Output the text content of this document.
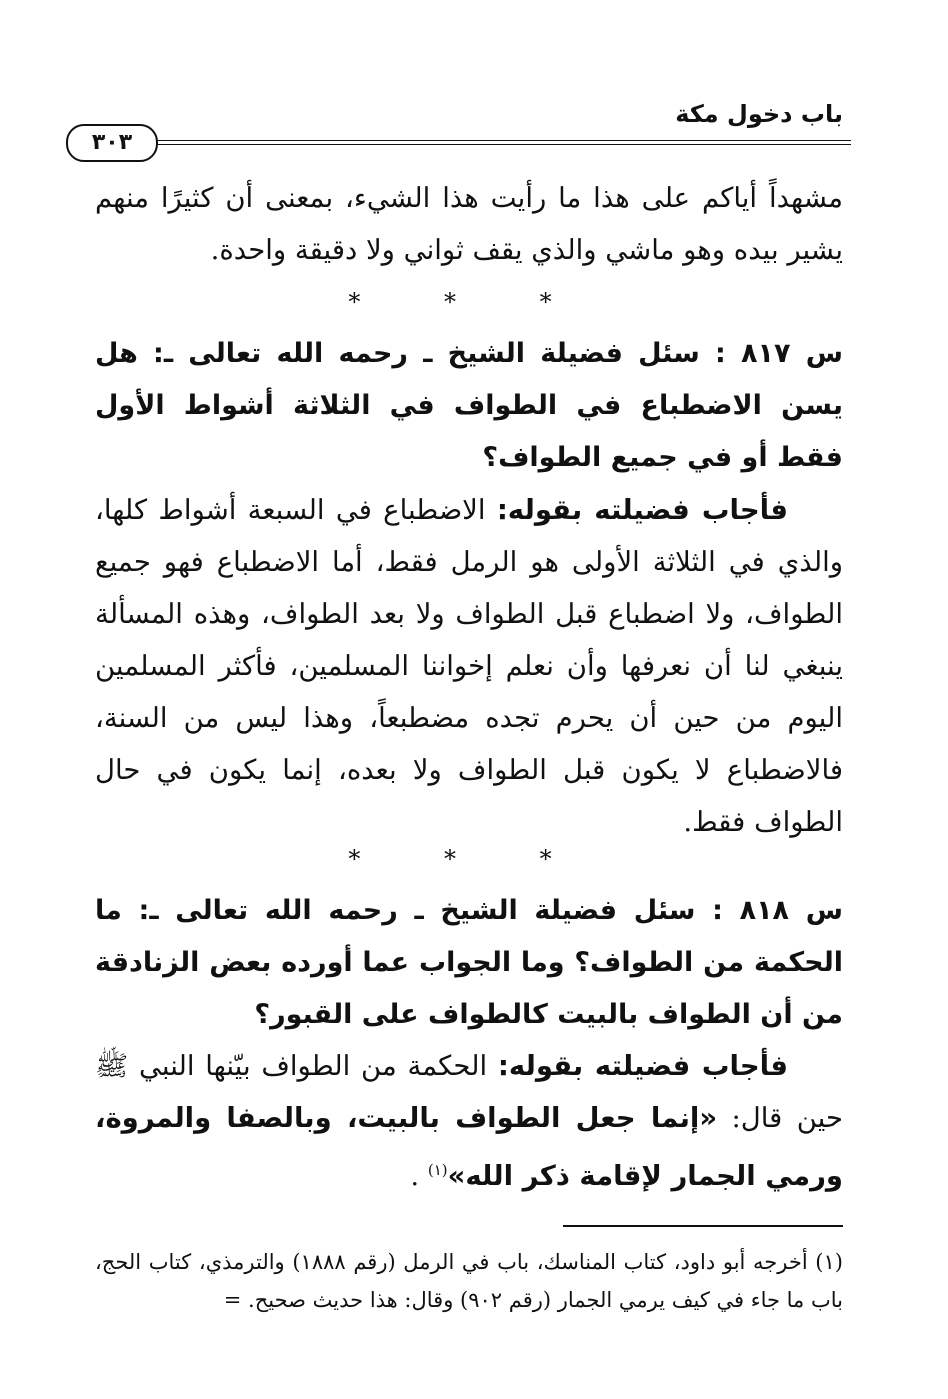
باب دخول مكة
٣٠٣

مشهداً أياكم على هذا ما رأيت هذا الشيء، بمعنى أن كثيرًا منهم يشير بيده وهو ماشي والذي يقف ثواني ولا دقيقة واحدة.

* * *

س ٨١٧ : سئل فضيلة الشيخ ـ رحمه الله تعالى ـ: هل يسن الاضطباع في الطواف في الثلاثة أشواط الأول فقط أو في جميع الطواف؟

فأجاب فضيلته بقوله: الاضطباع في السبعة أشواط كلها، والذي في الثلاثة الأولى هو الرمل فقط، أما الاضطباع فهو جميع الطواف، ولا اضطباع قبل الطواف ولا بعد الطواف، وهذه المسألة ينبغي لنا أن نعرفها وأن نعلم إخواننا المسلمين، فأكثر المسلمين اليوم من حين أن يحرم تجده مضطبعاً، وهذا ليس من السنة، فالاضطباع لا يكون قبل الطواف ولا بعده، إنما يكون في حال الطواف فقط.

* * *

س ٨١٨ : سئل فضيلة الشيخ ـ رحمه الله تعالى ـ: ما الحكمة من الطواف؟ وما الجواب عما أورده بعض الزنادقة من أن الطواف بالبيت كالطواف على القبور؟

فأجاب فضيلته بقوله: الحكمة من الطواف بيّنها النبي ﷺ حين قال: «إنما جعل الطواف بالبيت، وبالصفا والمروة، ورمي الجمار لإقامة ذكر الله»$^{(١)}$ .

(١) أخرجه أبو داود، كتاب المناسك، باب في الرمل (رقم ١٨٨٨) والترمذي، كتاب الحج، باب ما جاء في كيف يرمي الجمار (رقم ٩٠٢) وقال: هذا حديث صحيح. =
